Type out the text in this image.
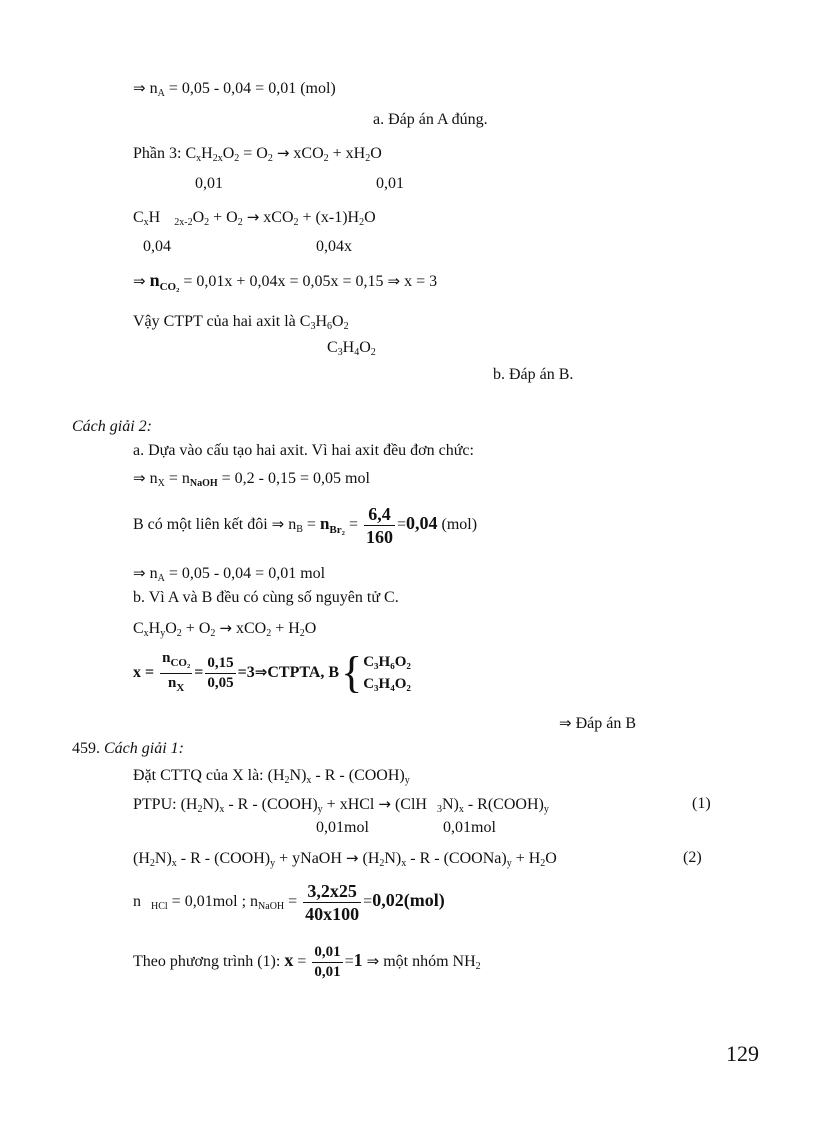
⇒ $n_A = 0,05 - 0,04 = 0,01$ (mol)
a. Đáp án A đúng.
Phần 3: $C_xH_{2x}O_2 = O_2 \to xCO_2 + xH_2O$
0,01	0,01
$C_xH$ $_{2x-2}O_2 + O_2 \to xCO_2 + (x-1)H_2O$
0,04	0,04x
⇒ $n_{CO_2} = 0,01x + 0,04x = 0,05x = 0,15$ ⇒ x = 3
Vậy CTPT của hai axit là $C_3H_6O_2$
$C_3H_4O_2$
b. Đáp án B.
Cách giải 2:
a. Dựa vào cấu tạo hai axit. Vì hai axit đều đơn chức:
⇒ $n_X = n_{NaOH} = 0,2 - 0,15 = 0,05$ mol
B có một liên kết đôi ⇒ $n_B = n_{Br_2} = \frac{6,4}{160} =0,04$ (mol)
⇒ $n_A = 0,05 - 0,04 = 0,01$ mol
b. Vì A và B đều có cùng số nguyên tử C.
$C_xH_yO_2 + O_2 \to xCO_2 + H_2O$
$x = \frac{n_{CO_2}}{n_X} = \frac{0,15}{0,05}$ =3⇒CTPTA, B{ C₃H₆O₂
C₃H₄O₂
⇒ Đáp án B
459. Cách giải 1:
Đặt CTTQ của X là: $(H_2N)_x$ - R - $(COOH)_y$
PTPU: $(H_2N)_x$ - R - $(COOH)_y$ + xHCl → (ClH $_3N)_x$ - $R(COOH)_y$	(1)
0,01mol	0,01mol
$(H_2N)_x$ - R - $(COOH)_y$ + yNaOH → $(H_2N)_x$ - $R - (COONa)_y + H_2O$	(2)
n $_{HCl}$ = 0,01mol ; $n_{NaOH} = \frac{3,2x25}{40x100} =0,02(mol)$
Theo phương trình (1): $x = \frac{0,01}{0,01} =1$ ⇒ một nhóm $NH_2$
129
